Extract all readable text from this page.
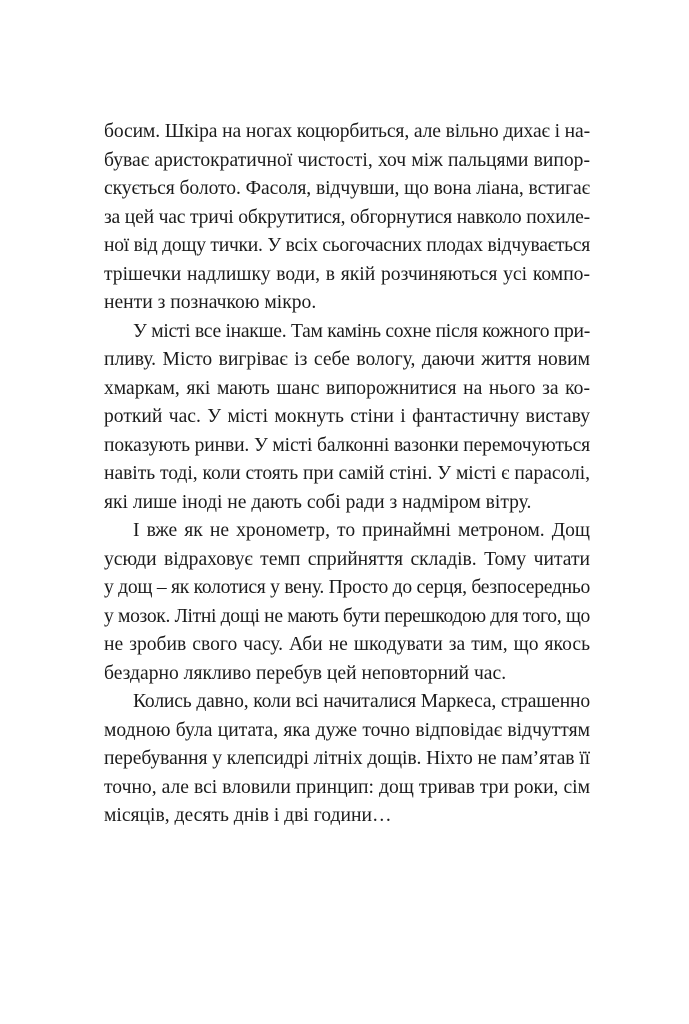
босим. Шкіра на ногах коцюрбиться, але вільно дихає і на-
буває аристократичної чистості, хоч між пальцями випор-
скується болото. Фасоля, відчувши, що вона ліана, встигає
за цей час тричі обкрутитися, обгорнутися навколо похиле-
ної від дощу тички. У всіх сьогочасних плодах відчувається
трішечки надлишку води, в якій розчиняються усі компо-
ненти з позначкою мікро.

У місті все інакше. Там камінь сохне після кожного при-
пливу. Місто вигріває із себе вологу, даючи життя новим
хмаркам, які мають шанс випорожнитися на нього за ко-
роткий час. У місті мокнуть стіни і фантастичну виставу
показують ринви. У місті балконні вазонки перемочуються
навіть тоді, коли стоять при самій стіні. У місті є парасолі,
які лише іноді не дають собі ради з надміром вітру.

І вже як не хронометр, то принаймні метроном. Дощ
усюди відраховує темп сприйняття складів. Тому читати
у дощ – як колотися у вену. Просто до серця, безпосередньо
у мозок. Літні дощі не мають бути перешкодою для того, що
не зробив свого часу. Аби не шкодувати за тим, що якось
бездарно лякливо перебув цей неповторний час.

Колись давно, коли всі начиталися Маркеса, страшенно
модною була цитата, яка дуже точно відповідає відчуттям
перебування у клепсидрі літніх дощів. Ніхто не пам’ятав її
точно, але всі вловили принцип: дощ тривав три роки, сім
місяців, десять днів і дві години…
